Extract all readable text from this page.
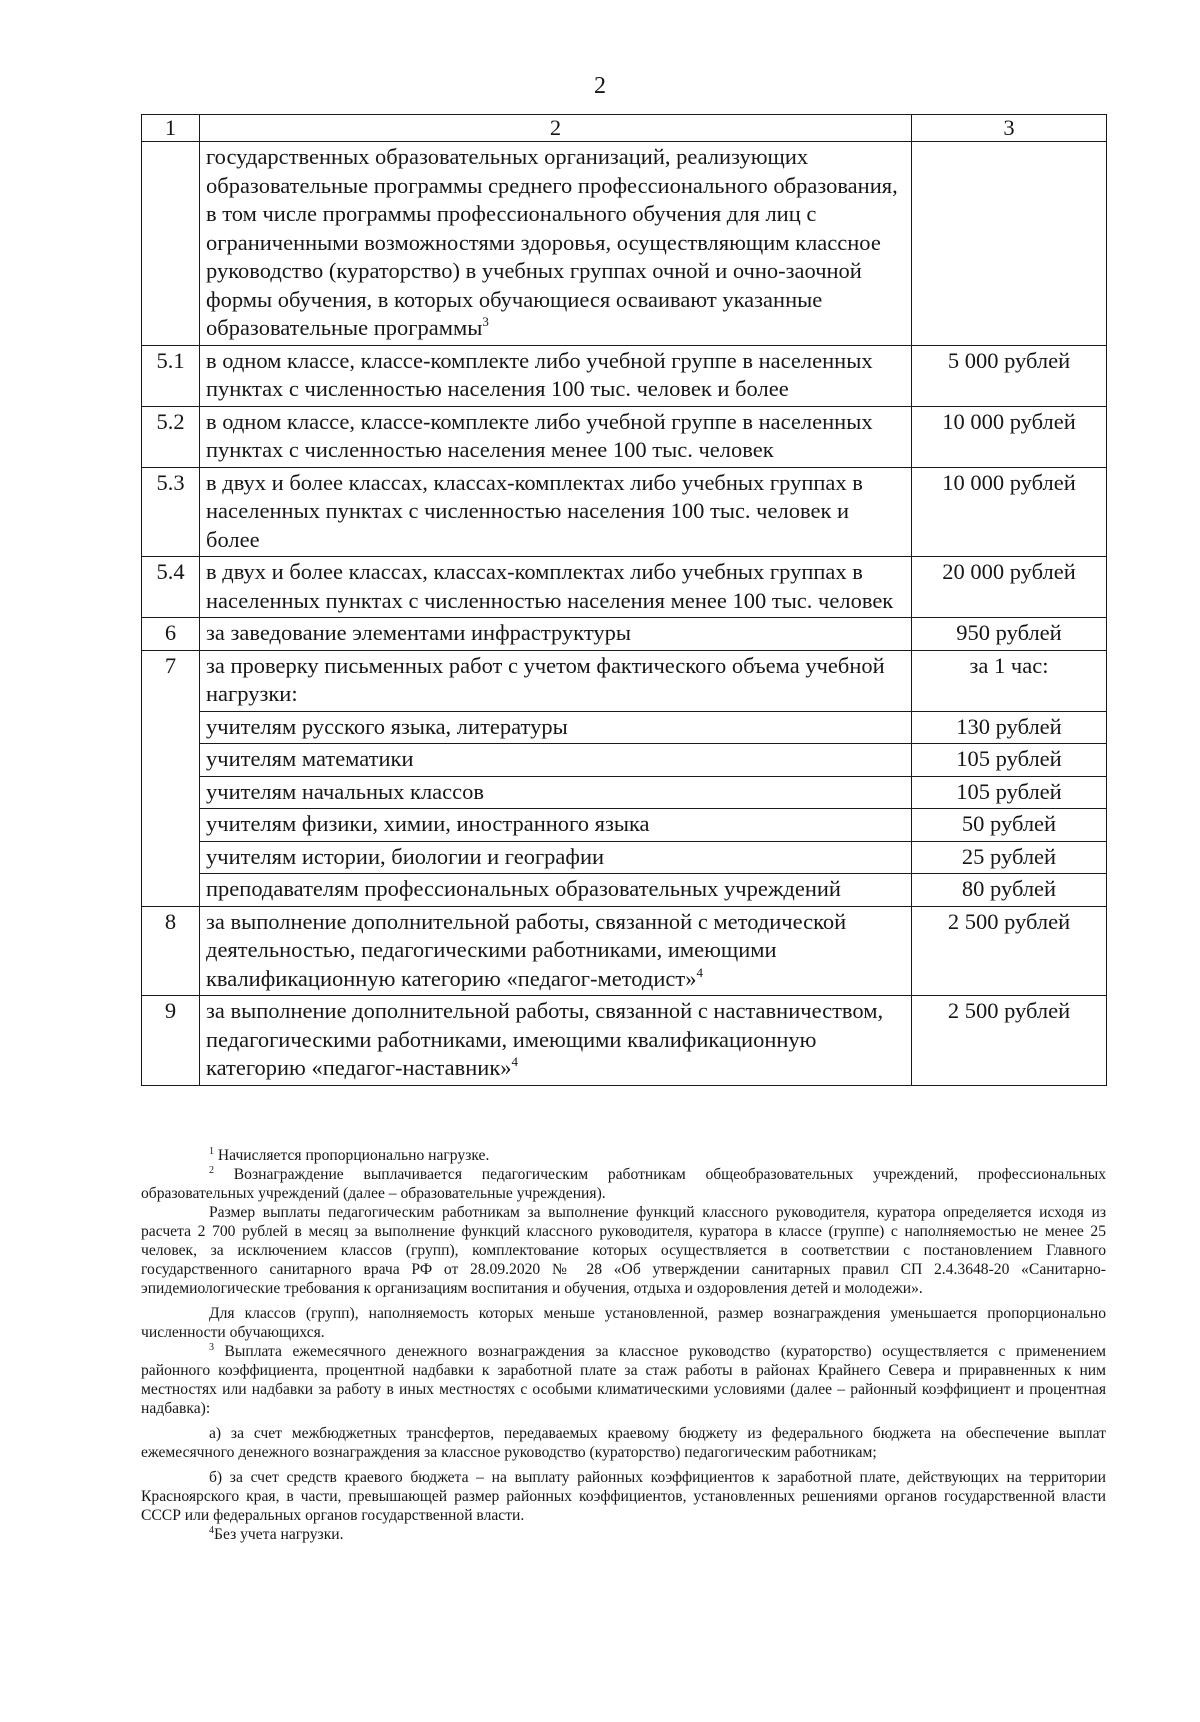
2
1	2	3
	государственных образовательных организаций, реализующих образовательные программы среднего профессионального образования, в том числе программы профессионального обучения для лиц с ограниченными возможностями здоровья, осуществляющим классное руководство (кураторство) в учебных группах очной и очно-заочной формы обучения, в которых обучающиеся осваивают указанные образовательные программы$^3$	
5.1	в одном классе, классе-комплекте либо учебной группе в населенных пунктах с численностью населения 100 тыс. человек и более	5 000 рублей
5.2	в одном классе, классе-комплекте либо учебной группе в населенных пунктах с численностью населения менее 100 тыс. человек	10 000 рублей
5.3	в двух и более классах, классах-комплектах либо учебных группах в населенных пунктах с численностью населения 100 тыс. человек и более	10 000 рублей
5.4	в двух и более классах, классах-комплектах либо учебных группах в населенных пунктах с численностью населения менее 100 тыс. человек	20 000 рублей
6	за заведование элементами инфраструктуры	950 рублей
7	за проверку письменных работ с учетом фактического объема учебной нагрузки:	за 1 час:
	учителям русского языка, литературы	130 рублей
	учителям математики	105 рублей
	учителям начальных классов	105 рублей
	учителям физики, химии, иностранного языка	50 рублей
	учителям истории, биологии и географии	25 рублей
	преподавателям профессиональных образовательных учреждений	80 рублей
8	за выполнение дополнительной работы, связанной с методической деятельностью, педагогическими работниками, имеющими квалификационную категорию «педагог-методист»$^4$	2 500 рублей
9	за выполнение дополнительной работы, связанной с наставничеством, педагогическими работниками, имеющими квалификационную категорию «педагог-наставник»$^4$	2 500 рублей

$^1$ Начисляется пропорционально нагрузке.

$^2$ Вознаграждение выплачивается педагогическим работникам общеобразовательных учреждений, профессиональных образовательных учреждений (далее – образовательные учреждения).

Размер выплаты педагогическим работникам за выполнение функций классного руководителя, куратора определяется исходя из расчета 2 700 рублей в месяц за выполнение функций классного руководителя, куратора в классе (группе) с наполняемостью не менее 25 человек, за исключением классов (групп), комплектование которых осуществляется в соответствии с постановлением Главного государственного санитарного врача РФ от 28.09.2020 № 28 «Об утверждении санитарных правил СП 2.4.3648-20 «Санитарно-эпидемиологические требования к организациям воспитания и обучения, отдыха и оздоровления детей и молодежи».

Для классов (групп), наполняемость которых меньше установленной, размер вознаграждения уменьшается пропорционально численности обучающихся.

$^3$ Выплата ежемесячного денежного вознаграждения за классное руководство (кураторство) осуществляется с применением районного коэффициента, процентной надбавки к заработной плате за стаж работы в районах Крайнего Севера и приравненных к ним местностях или надбавки за работу в иных местностях с особыми климатическими условиями (далее – районный коэффициент и процентная надбавка):

а) за счет межбюджетных трансфертов, передаваемых краевому бюджету из федерального бюджета на обеспечение выплат ежемесячного денежного вознаграждения за классное руководство (кураторство) педагогическим работникам;

б) за счет средств краевого бюджета – на выплату районных коэффициентов к заработной плате, действующих на территории Красноярского края, в части, превышающей размер районных коэффициентов, установленных решениями органов государственной власти СССР или федеральных органов государственной власти.

$^4$Без учета нагрузки.
